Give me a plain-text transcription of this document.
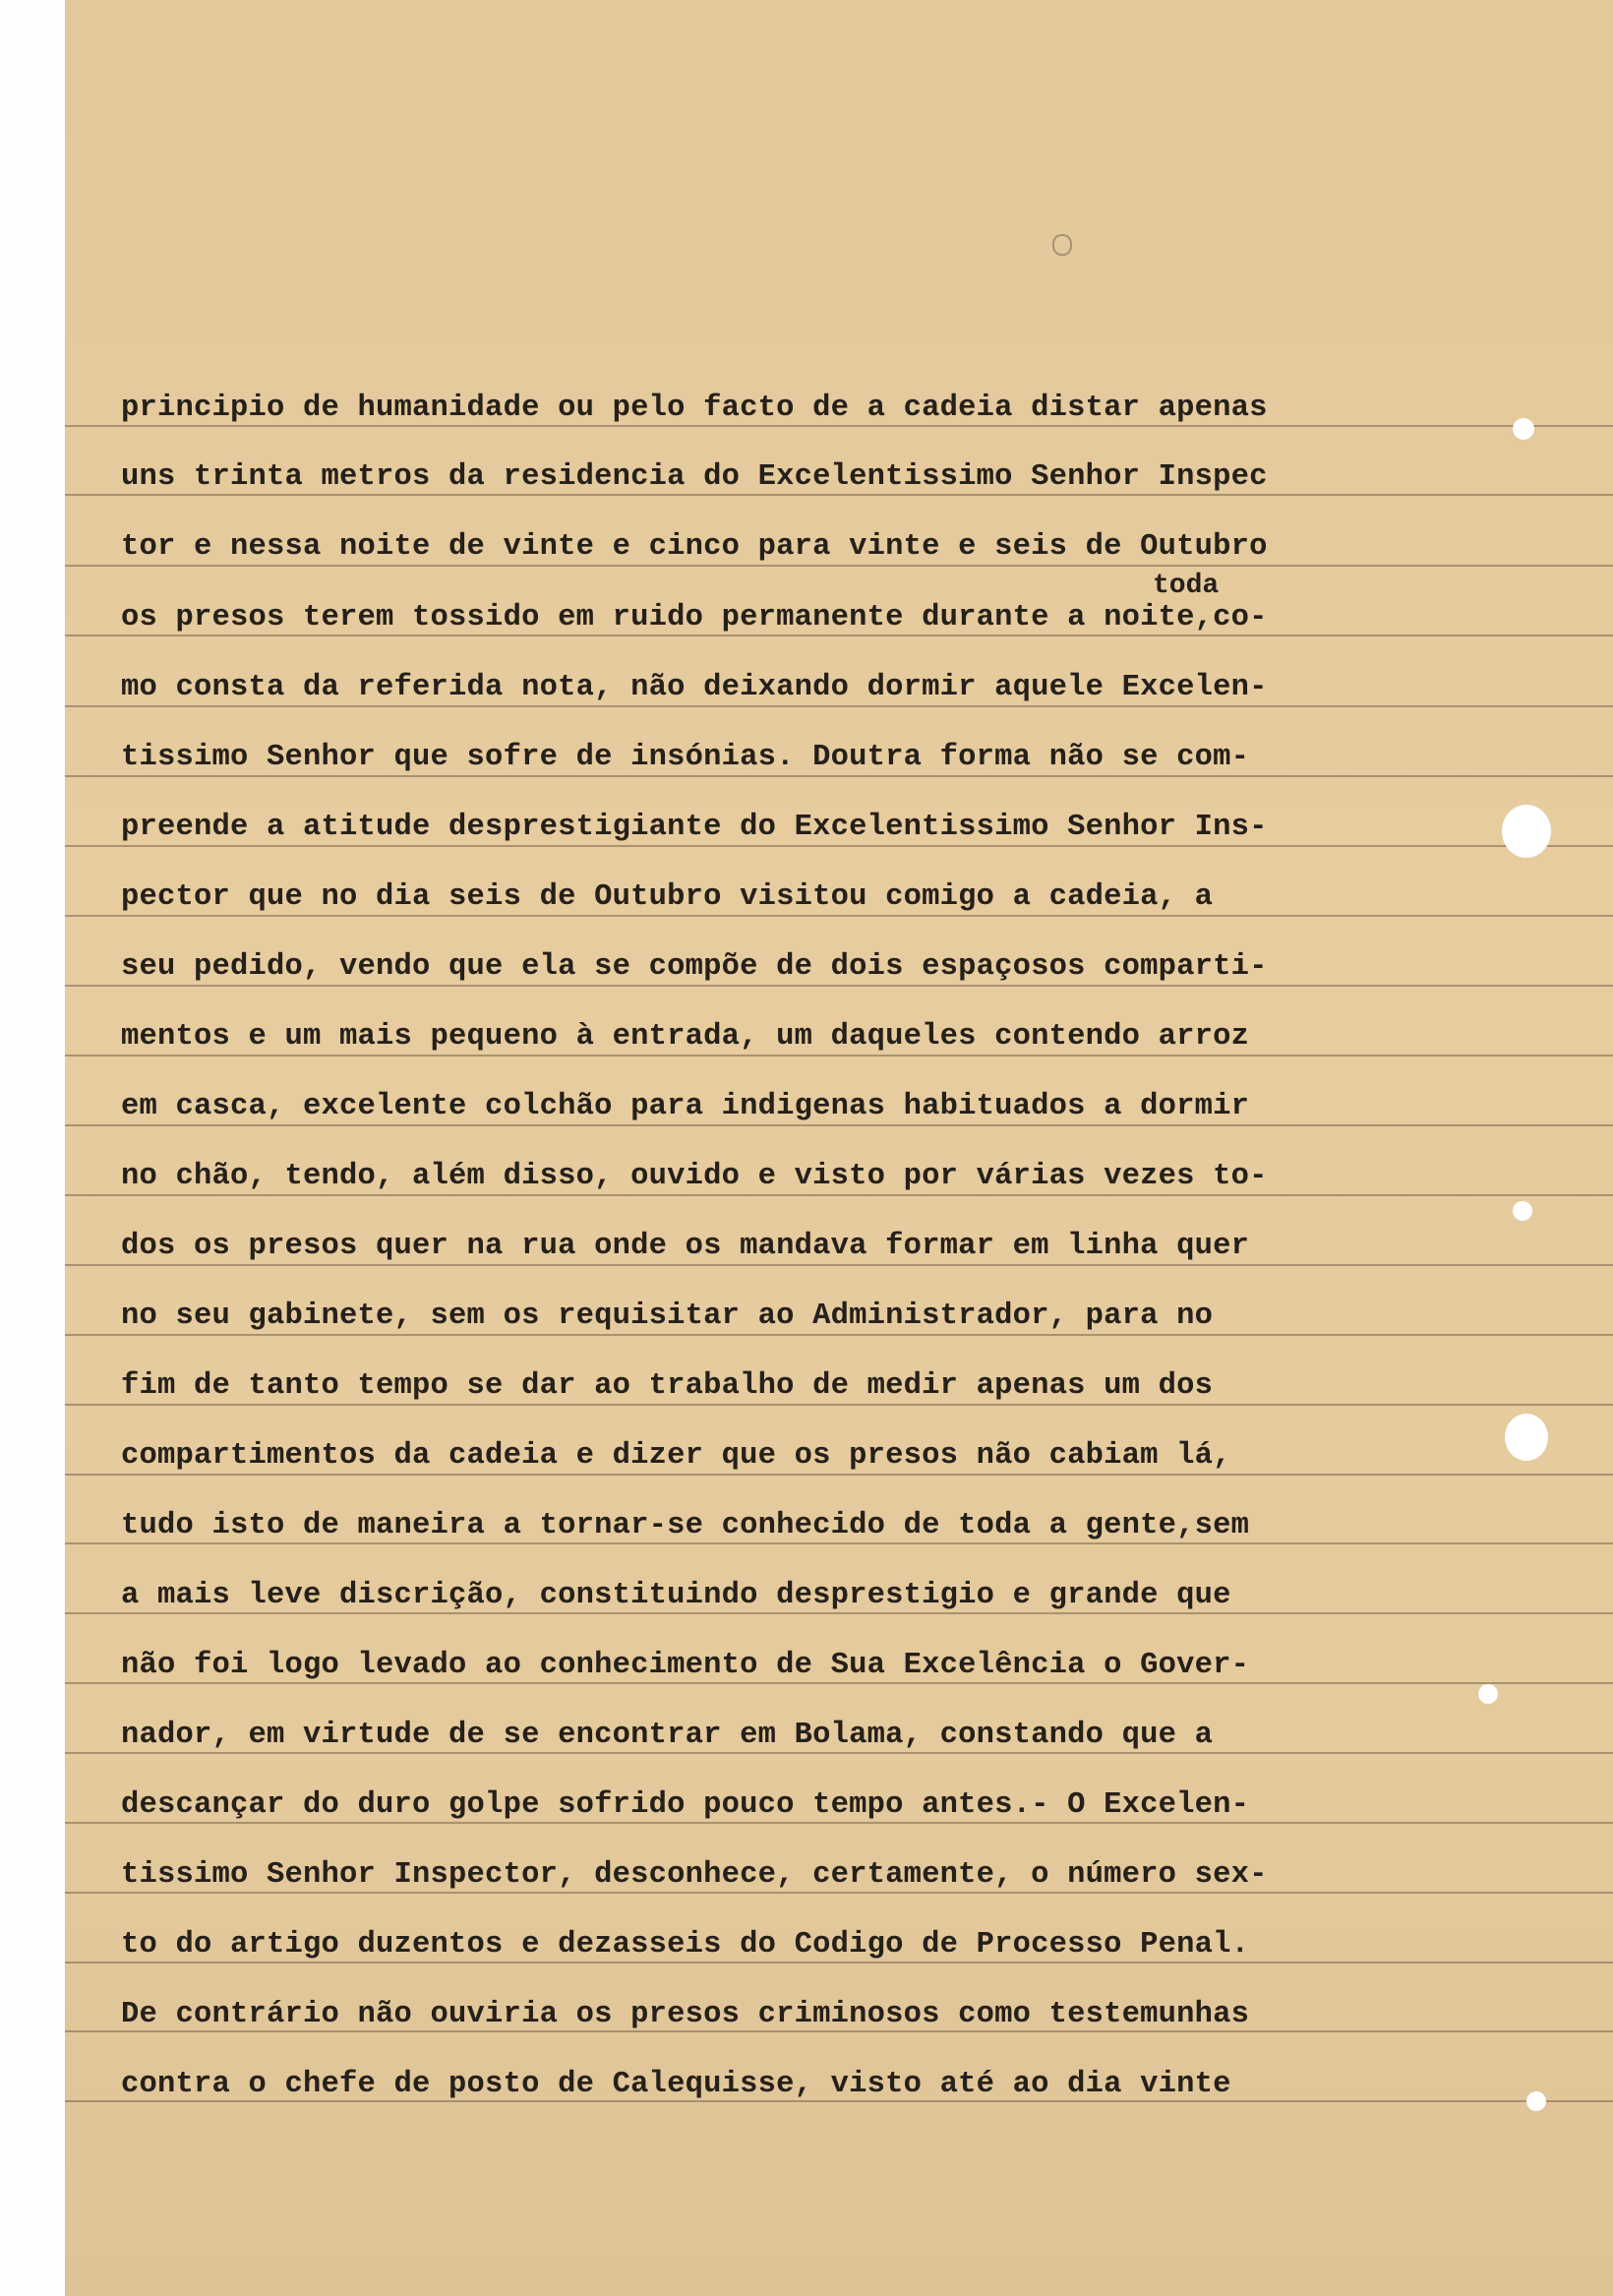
toda
principio de humanidade ou pelo facto de a cadeia distar apenas
uns trinta metros da residencia do Excelentissimo Senhor Inspec
tor e nessa noite de vinte e cinco para vinte e seis de Outubro
os presos terem tossido em ruido permanente durante a noite,co-
mo consta da referida nota, não deixando dormir aquele Excelen-
tissimo Senhor que sofre de insónias. Doutra forma não se com-
preende a atitude desprestigiante do Excelentissimo Senhor Ins-
pector que no dia seis de Outubro visitou comigo a cadeia, a
seu pedido, vendo que ela se compõe de dois espaçosos comparti-
mentos e um mais pequeno à entrada, um daqueles contendo arroz
em casca, excelente colchão para indigenas habituados a dormir
no chão, tendo, além disso, ouvido e visto por várias vezes to-
dos os presos quer na rua onde os mandava formar em linha quer
no seu gabinete, sem os requisitar ao Administrador, para no
fim de tanto tempo se dar ao trabalho de medir apenas um dos
compartimentos da cadeia e dizer que os presos não cabiam lá,
tudo isto de maneira a tornar-se conhecido de toda a gente,sem
a mais leve discrição, constituindo desprestigio e grande que
não foi logo levado ao conhecimento de Sua Excelência o Gover-
nador, em virtude de se encontrar em Bolama, constando que a
descançar do duro golpe sofrido pouco tempo antes.- O Excelen-
tissimo Senhor Inspector, desconhece, certamente, o número sex-
to do artigo duzentos e dezasseis do Codigo de Processo Penal.
De contrário não ouviria os presos criminosos como testemunhas
contra o chefe de posto de Calequisse, visto até ao dia vinte
